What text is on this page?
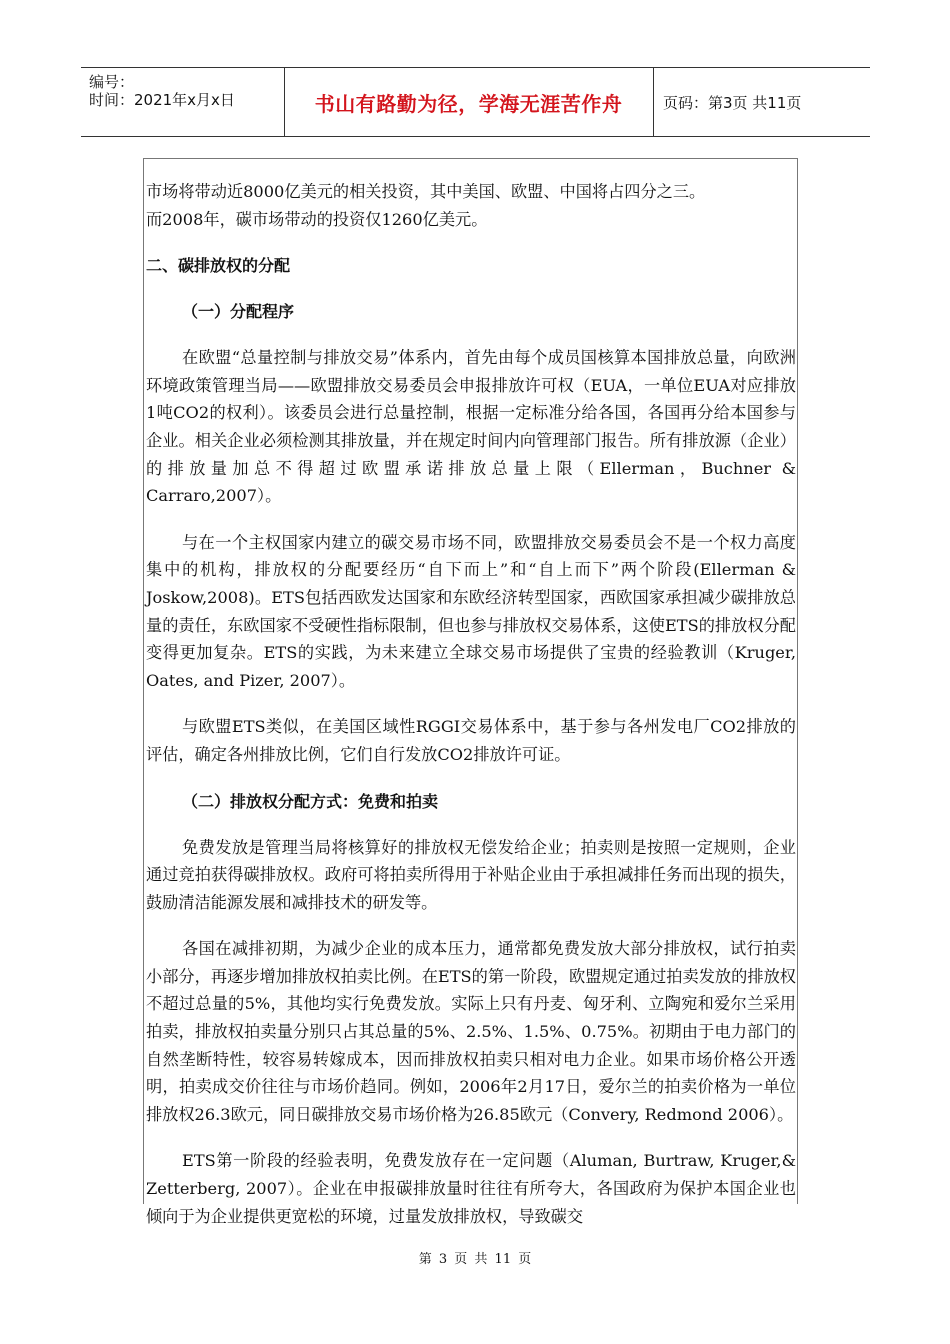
编号：
时间：2021年x月x日	书山有路勤为径，学海无涯苦作舟	页码：第3页 共11页

市场将带动近8000亿美元的相关投资，其中美国、欧盟、中国将占四分之三。

而2008年，碳市场带动的投资仅1260亿美元。

二、碳排放权的分配

（一）分配程序

在欧盟“总量控制与排放交易”体系内，首先由每个成员国核算本国排放总量，向欧洲环境政策管理当局——欧盟排放交易委员会申报排放许可权（EUA，一单位EUA对应排放1吨CO2的权利）。该委员会进行总量控制，根据一定标准分给各国，各国再分给本国参与企业。相关企业必须检测其排放量，并在规定时间内向管理部门报告。所有排放源（企业）的排放量加总不得超过欧盟承诺排放总量上限（Ellerman，Buchner & Carraro,2007）。

与在一个主权国家内建立的碳交易市场不同，欧盟排放交易委员会不是一个权力高度集中的机构，排放权的分配要经历“自下而上”和“自上而下”两个阶段(Ellerman & Joskow,2008)。ETS包括西欧发达国家和东欧经济转型国家，西欧国家承担减少碳排放总量的责任，东欧国家不受硬性指标限制，但也参与排放权交易体系，这使ETS的排放权分配变得更加复杂。ETS的实践，为未来建立全球交易市场提供了宝贵的经验教训（Kruger, Oates, and Pizer, 2007）。

与欧盟ETS类似，在美国区域性RGGI交易体系中，基于参与各州发电厂CO2排放的评估，确定各州排放比例，它们自行发放CO2排放许可证。

（二）排放权分配方式：免费和拍卖

免费发放是管理当局将核算好的排放权无偿发给企业；拍卖则是按照一定规则，企业通过竞拍获得碳排放权。政府可将拍卖所得用于补贴企业由于承担减排任务而出现的损失，鼓励清洁能源发展和减排技术的研发等。

各国在减排初期，为减少企业的成本压力，通常都免费发放大部分排放权，试行拍卖小部分，再逐步增加排放权拍卖比例。在ETS的第一阶段，欧盟规定通过拍卖发放的排放权不超过总量的5%，其他均实行免费发放。实际上只有丹麦、匈牙利、立陶宛和爱尔兰采用拍卖，排放权拍卖量分别只占其总量的5%、2.5%、1.5%、0.75%。初期由于电力部门的自然垄断特性，较容易转嫁成本，因而排放权拍卖只相对电力企业。如果市场价格公开透明，拍卖成交价往往与市场价趋同。例如，2006年2月17日，爱尔兰的拍卖价格为一单位排放权26.3欧元，同日碳排放交易市场价格为26.85欧元（Convery, Redmond 2006）。

ETS第一阶段的经验表明，免费发放存在一定问题（Aluman, Burtraw, Kruger,& Zetterberg, 2007）。企业在申报碳排放量时往往有所夸大，各国政府为保护本国企业也倾向于为企业提供更宽松的环境，过量发放排放权，导致碳交

第 3 页 共 11 页
